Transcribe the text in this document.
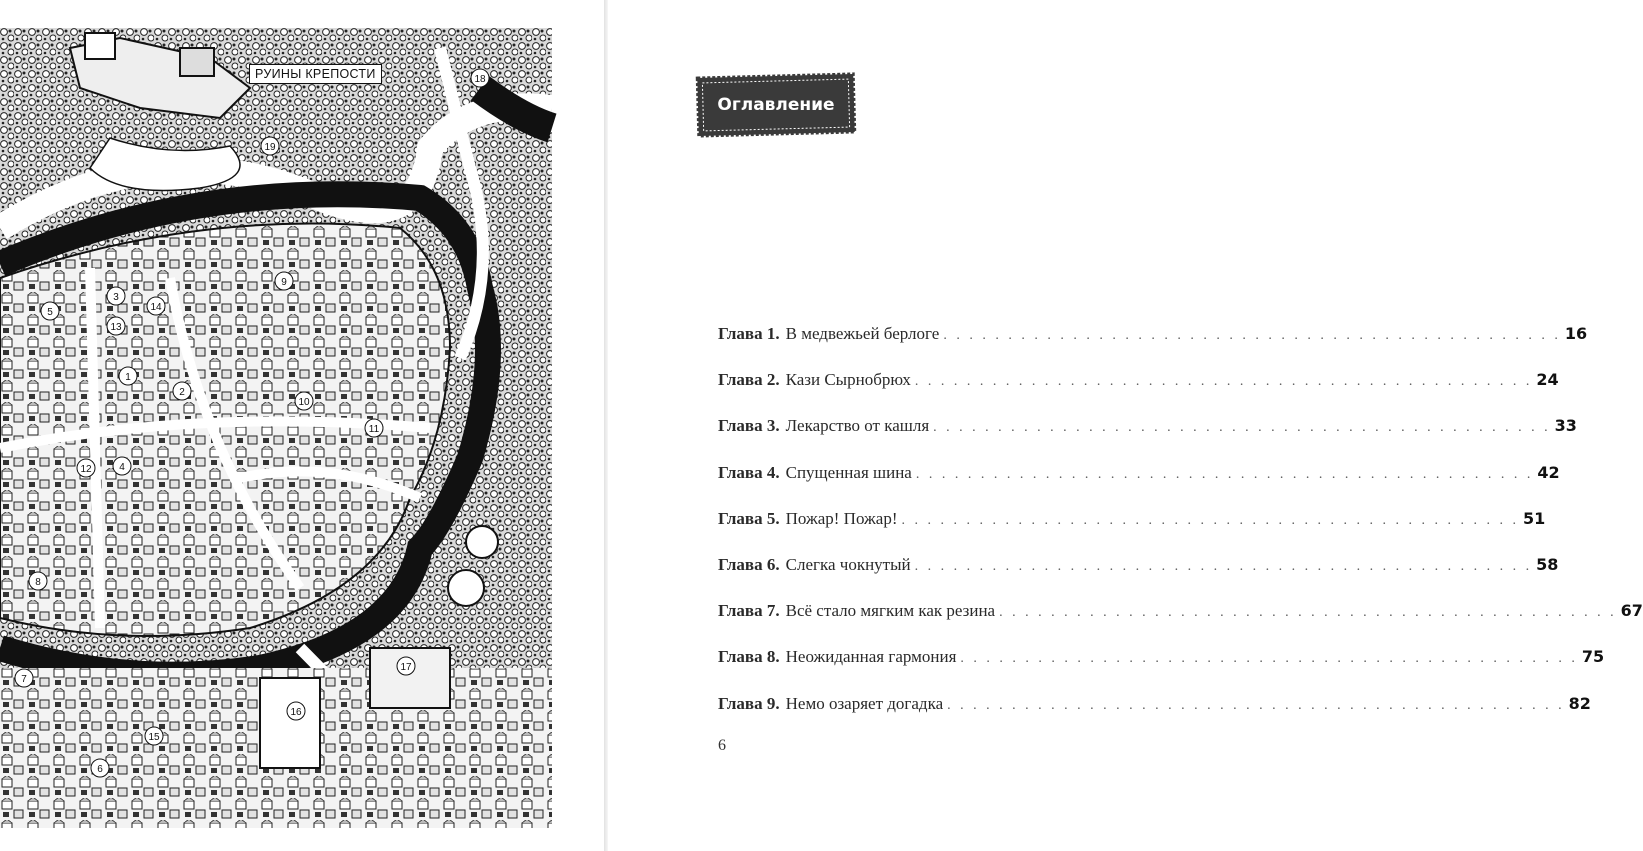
18
19
3
14
13
5
1
2
9
10
11
12	4
8
7
6
17
16
15
РУИНЫ КРЕПОСТИ
Оглавление
Глава 1. В медвежьей берлоге . . . . . . . . . . . . . . . . . . . . . . . . . . . . . . . . . . . . . . . . . . . . . . . . 16
Глава 2. Кази Сырнобрюх . . . . . . . . . . . . . . . . . . . . . . . . . . . . . . . . . . . . . . . . . . . . . . . . 24
Глава 3. Лекарство от кашля . . . . . . . . . . . . . . . . . . . . . . . . . . . . . . . . . . . . . . . . . . . . . . . . 33
Глава 4. Спущенная шина . . . . . . . . . . . . . . . . . . . . . . . . . . . . . . . . . . . . . . . . . . . . . . . . 42
Глава 5. Пожар! Пожар! . . . . . . . . . . . . . . . . . . . . . . . . . . . . . . . . . . . . . . . . . . . . . . . . 51
Глава 6. Слегка чокнутый . . . . . . . . . . . . . . . . . . . . . . . . . . . . . . . . . . . . . . . . . . . . . . . . 58
Глава 7. Всё стало мягким как резина . . . . . . . . . . . . . . . . . . . . . . . . . . . . . . . . . . . . . . . . . . . . . . . . 67
Глава 8. Неожиданная гармония . . . . . . . . . . . . . . . . . . . . . . . . . . . . . . . . . . . . . . . . . . . . . . . . 75
Глава 9. Немо озаряет догадка . . . . . . . . . . . . . . . . . . . . . . . . . . . . . . . . . . . . . . . . . . . . . . . . 82
6
